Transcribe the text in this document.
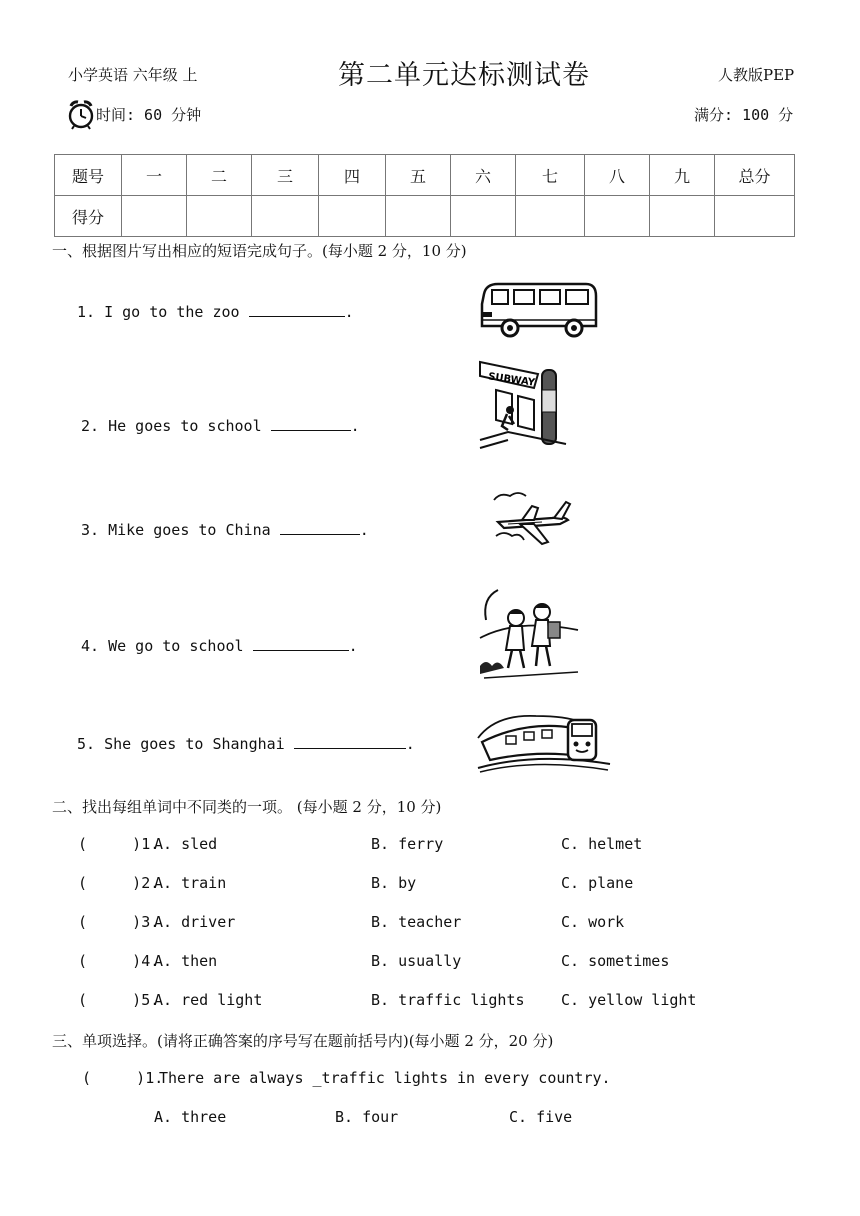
小学英语 六年级 上	第二单元达标测试卷	人教版PEP
时间: 60 分钟	满分: 100 分
题号	一	二	三	四	五	六	七	八	九	总分
得分										
一、根据图片写出相应的短语完成句子。(每小题 2 分，10 分)
1. I go to the zoo	.
2. He goes to school	.
3. Mike goes to China	.
4. We go to school	.
5. She goes to Shanghai	.
SUBWAY
二、找出每组单词中不同类的一项。 (每小题 2 分，10 分)
(     )1.
A. sled	B. ferry	C. helmet
(     )2.
A. train	B. by	C. plane
(     )3.
A. driver	B. teacher	C. work
(     )4.
A. then	B. usually	C. sometimes
(     )5.
A. red light	B. traffic lights C. yellow light
三、单项选择。(请将正确答案的序号写在题前括号内)(每小题 2 分，20 分)
(     )1.
There are always _traffic lights in every country.
A. three	B. four	C. five
